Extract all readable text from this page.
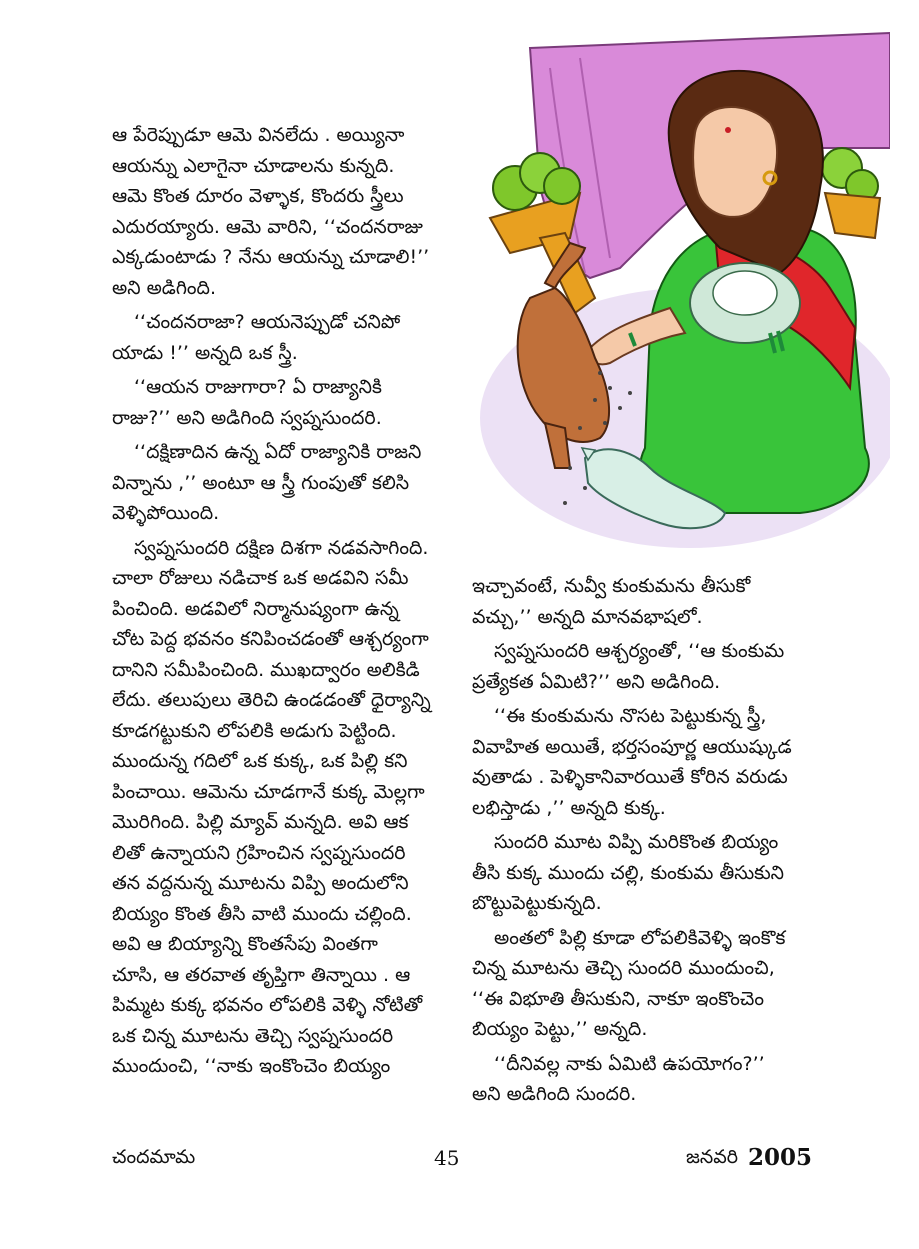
ఆ పేరెప్పుడూ ఆమె వినలేదు . అయ్యినా

ఆయన్ను ఎలాగైనా చూడాలను కున్నది.

ఆమె కొంత దూరం వెళ్ళాక, కొందరు స్త్రీలు

ఎదురయ్యారు. ఆమె వారిని, ‘‘చందనరాజు

ఎక్కడుంటాడు ? నేను ఆయన్ను చూడాలి!’’

అని అడిగింది.

‘‘చందనరాజా? ఆయనెప్పుడో చనిపో

యాడు !’’ అన్నది ఒక స్త్రీ.

‘‘ఆయన రాజుగారా? ఏ రాజ్యానికి

రాజు?’’ అని అడిగింది స్వప్నసుందరి.

‘‘దక్షిణాదిన ఉన్న ఏదో రాజ్యానికి రాజని

విన్నాను ,’’ అంటూ ఆ స్త్రీ గుంపుతో కలిసి

వెళ్ళిపోయింది.

స్వప్నసుందరి దక్షిణ దిశగా నడవసాగింది.

చాలా రోజులు నడిచాక ఒక అడవిని సమీ

పించింది. అడవిలో నిర్మానుష్యంగా ఉన్న

చోట పెద్ద భవనం కనిపించడంతో ఆశ్చర్యంగా

దానిని సమీపించింది. ముఖద్వారం అలికిడి

లేదు. తలుపులు తెరిచి ఉండడంతో ధైర్యాన్ని

కూడగట్టుకుని లోపలికి అడుగు పెట్టింది.

ముందున్న గదిలో ఒక కుక్క, ఒక పిల్లి కని

పించాయి. ఆమెను చూడగానే కుక్క మెల్లగా

మొరిగింది. పిల్లి మ్యావ్ మన్నది. అవి ఆక

లితో ఉన్నాయని గ్రహించిన స్వప్నసుందరి

తన వద్దనున్న మూటను విప్పి అందులోని

బియ్యం కొంత తీసి వాటి ముందు చల్లింది.

అవి ఆ బియ్యాన్ని కొంతసేపు వింతగా

చూసి, ఆ తరవాత తృప్తిగా తిన్నాయి . ఆ

పిమ్మట కుక్క భవనం లోపలికి వెళ్ళి నోటితో

ఒక చిన్న మూటను తెచ్చి స్వప్నసుందరి

ముందుంచి, ‘‘నాకు ఇంకొంచెం బియ్యం

ఇచ్చావంటే, నువ్వీ కుంకుమను తీసుకో

వచ్చు,’’ అన్నది మానవభాషలో.

స్వప్నసుందరి ఆశ్చర్యంతో, ‘‘ఆ కుంకుమ

ప్రత్యేకత ఏమిటి?’’ అని అడిగింది.

‘‘ఈ కుంకుమను నొసట పెట్టుకున్న స్త్రీ,

వివాహిత అయితే, భర్తసంపూర్ణ ఆయుష్కుడ

వుతాడు . పెళ్ళికానివారయితే కోరిన వరుడు

లభిస్తాడు ,’’ అన్నది కుక్క.

సుందరి మూట విప్పి మరికొంత బియ్యం

తీసి కుక్క ముందు చల్లి, కుంకుమ తీసుకుని

బొట్టుపెట్టుకున్నది.

అంతలో పిల్లి కూడా లోపలికివెళ్ళి ఇంకొక

చిన్న మూటను తెచ్చి సుందరి ముందుంచి,

‘‘ఈ విభూతి తీసుకుని, నాకూ ఇంకొంచెం

బియ్యం పెట్టు,’’ అన్నది.

‘‘దీనివల్ల నాకు ఏమిటి ఉపయోగం?’’

అని అడిగింది సుందరి.

చందమామ	45	జనవరి 2005
